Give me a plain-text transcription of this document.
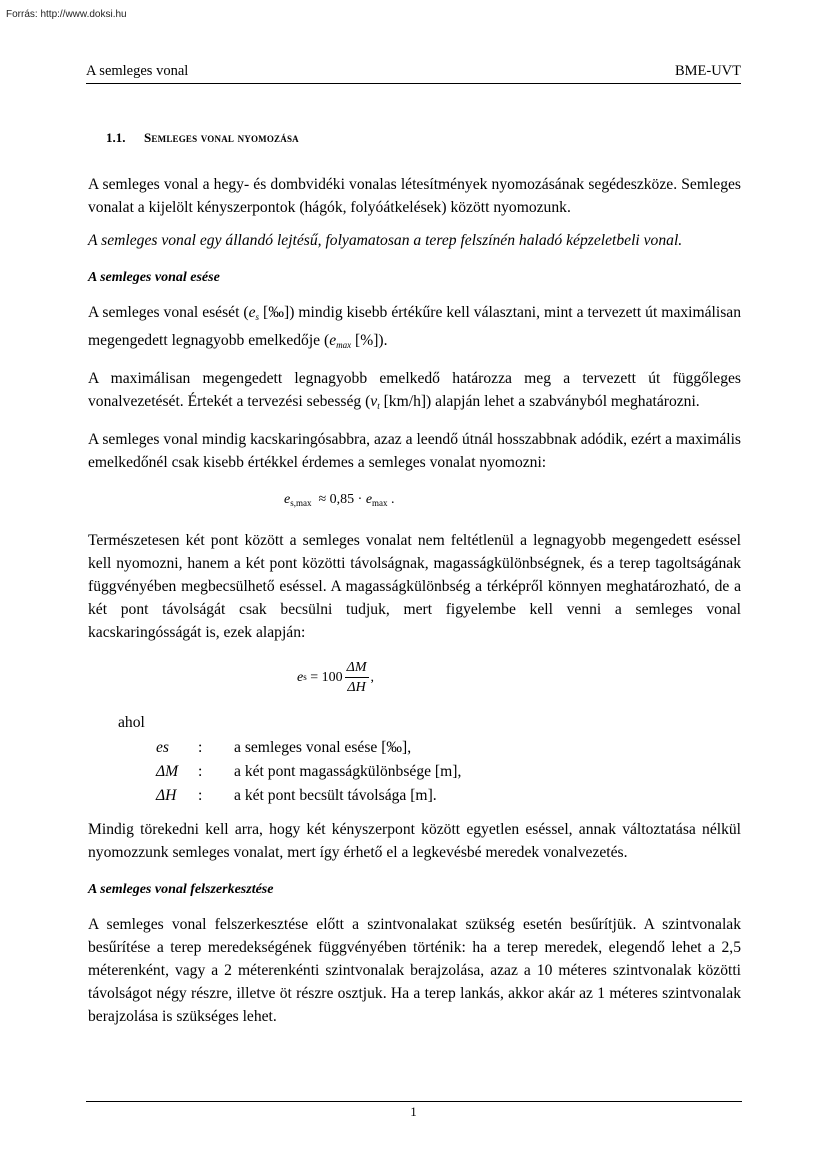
Forrás: http://www.doksi.hu
A semleges vonal	BME-UVT
1.1. Semleges vonal nyomozása

A semleges vonal a hegy- és dombvidéki vonalas létesítmények nyomozásának segédeszköze. Semleges vonalat a kijelölt kényszerpontok (hágók, folyóátkelések) között nyomozunk.

A semleges vonal egy állandó lejtésű, folyamatosan a terep felszínén haladó képzeletbeli vonal.

A semleges vonal esése

A semleges vonal esését ($e_s$ [‰]) mindig kisebb értékűre kell választani, mint a tervezett út maximálisan megengedett legnagyobb emelkedője ($e_{max}$ [%]).

A maximálisan megengedett legnagyobb emelkedő határozza meg a tervezett út függőleges vonalvezetését. Értekét a tervezési sebesség ($v_t$ [km/h]) alapján lehet a szabványból meghatározni.

A semleges vonal mindig kacskaringósabbra, azaz a leendő útnál hosszabbnak adódik, ezért a maximális emelkedőnél csak kisebb értékkel érdemes a semleges vonalat nyomozni:

$e_{s,max} \approx 0,85 \cdot e_{max}$ .

Természetesen két pont között a semleges vonalat nem feltétlenül a legnagyobb megengedett eséssel kell nyomozni, hanem a két pont közötti távolságnak, magasságkülönbségnek, és a terep tagoltságának függvényében megbecsülhető eséssel. A magasságkülönbség a térképről könnyen meghatározható, de a két pont távolságát csak becsülni tudjuk, mert figyelembe kell venni a semleges vonal kacskaringósságát is, ezek alapján:

e s
= $100 \frac{\Delta M}{\Delta H}$ ,
ahol
es	:	a semleges vonal esése [‰],
ΔM	:	a két pont magasságkülönbsége [m],
ΔH	:	a két pont becsült távolsága [m].

Mindig törekedni kell arra, hogy két kényszerpont között egyetlen eséssel, annak változtatása nélkül nyomozzunk semleges vonalat, mert így érhető el a legkevésbé meredek vonalvezetés.

A semleges vonal felszerkesztése

A semleges vonal felszerkesztése előtt a szintvonalakat szükség esetén besűrítjük. A szintvonalak besűrítése a terep meredekségének függvényében történik: ha a terep meredek, elegendő lehet a 2,5 méterenként, vagy a 2 méterenkénti szintvonalak berajzolása, azaz a 10 méteres szintvonalak közötti távolságot négy részre, illetve öt részre osztjuk. Ha a terep lankás, akkor akár az 1 méteres szintvonalak berajzolása is szükséges lehet.

1
